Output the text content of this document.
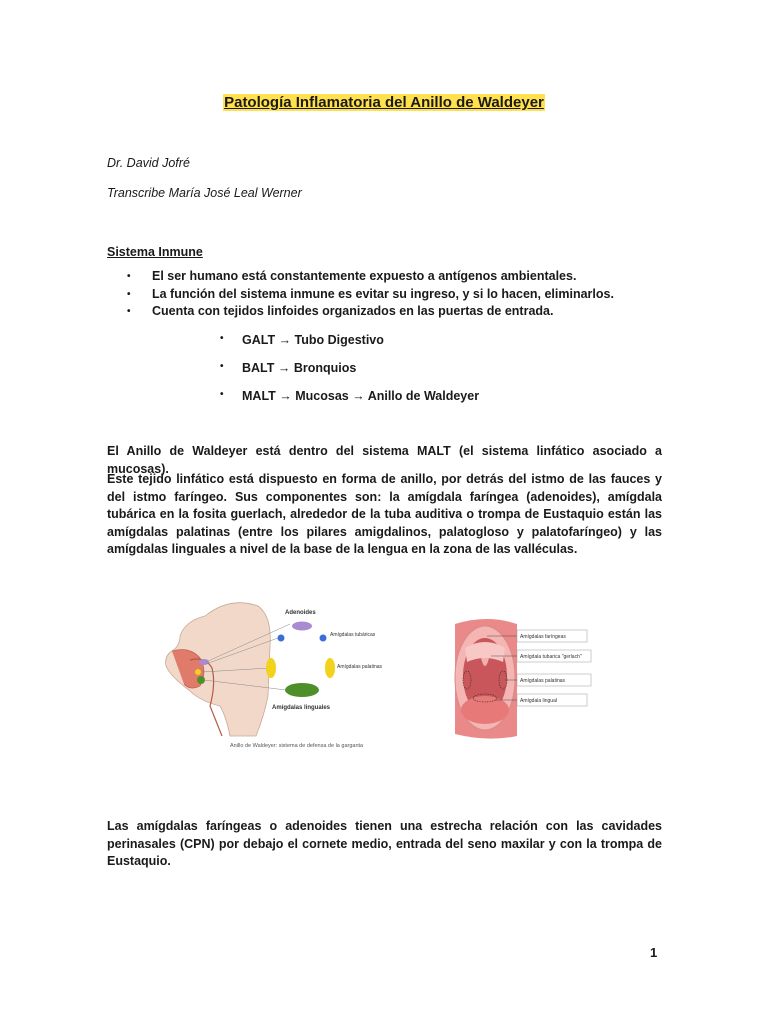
Patología Inflamatoria del Anillo de Waldeyer
Dr. David Jofré
Transcribe María José Leal Werner
Sistema Inmune
• El ser humano está constantemente expuesto a antígenos ambientales.
• La función del sistema inmune es evitar su ingreso, y si lo hacen, eliminarlos.
• Cuenta con tejidos linfoides organizados en las puertas de entrada.
• GALT → Tubo Digestivo
• BALT → Bronquios
• MALT → Mucosas → Anillo de Waldeyer

El Anillo de Waldeyer está dentro del sistema MALT (el sistema linfático asociado a mucosas).

Este tejido linfático está dispuesto en forma de anillo, por detrás del istmo de las fauces y del istmo faríngeo. Sus componentes son: la amígdala faríngea (adenoides), amígdala tubárica en la fosita guerlach, alrededor de la tuba auditiva o trompa de Eustaquio están las amígdalas palatinas (entre los pilares amigdalinos, palatogloso y palatofaríngeo) y las amígdalas linguales a nivel de la base de la lengua en la zona de las valléculas.

Adenoides
Amígdalas tubáricas
Amígdalas palatinas
Amígdalas linguales
Anillo de Waldeyer: sistema de defensa de la garganta
Amígdalas faríngeas
Amígdala tubarica "gerlach"
Amígdalas palatinas
Amígdala lingual

Las amígdalas faríngeas o adenoides tienen una estrecha relación con las cavidades perinasales (CPN) por debajo el cornete medio, entrada del seno maxilar y con la trompa de Eustaquio.

1
